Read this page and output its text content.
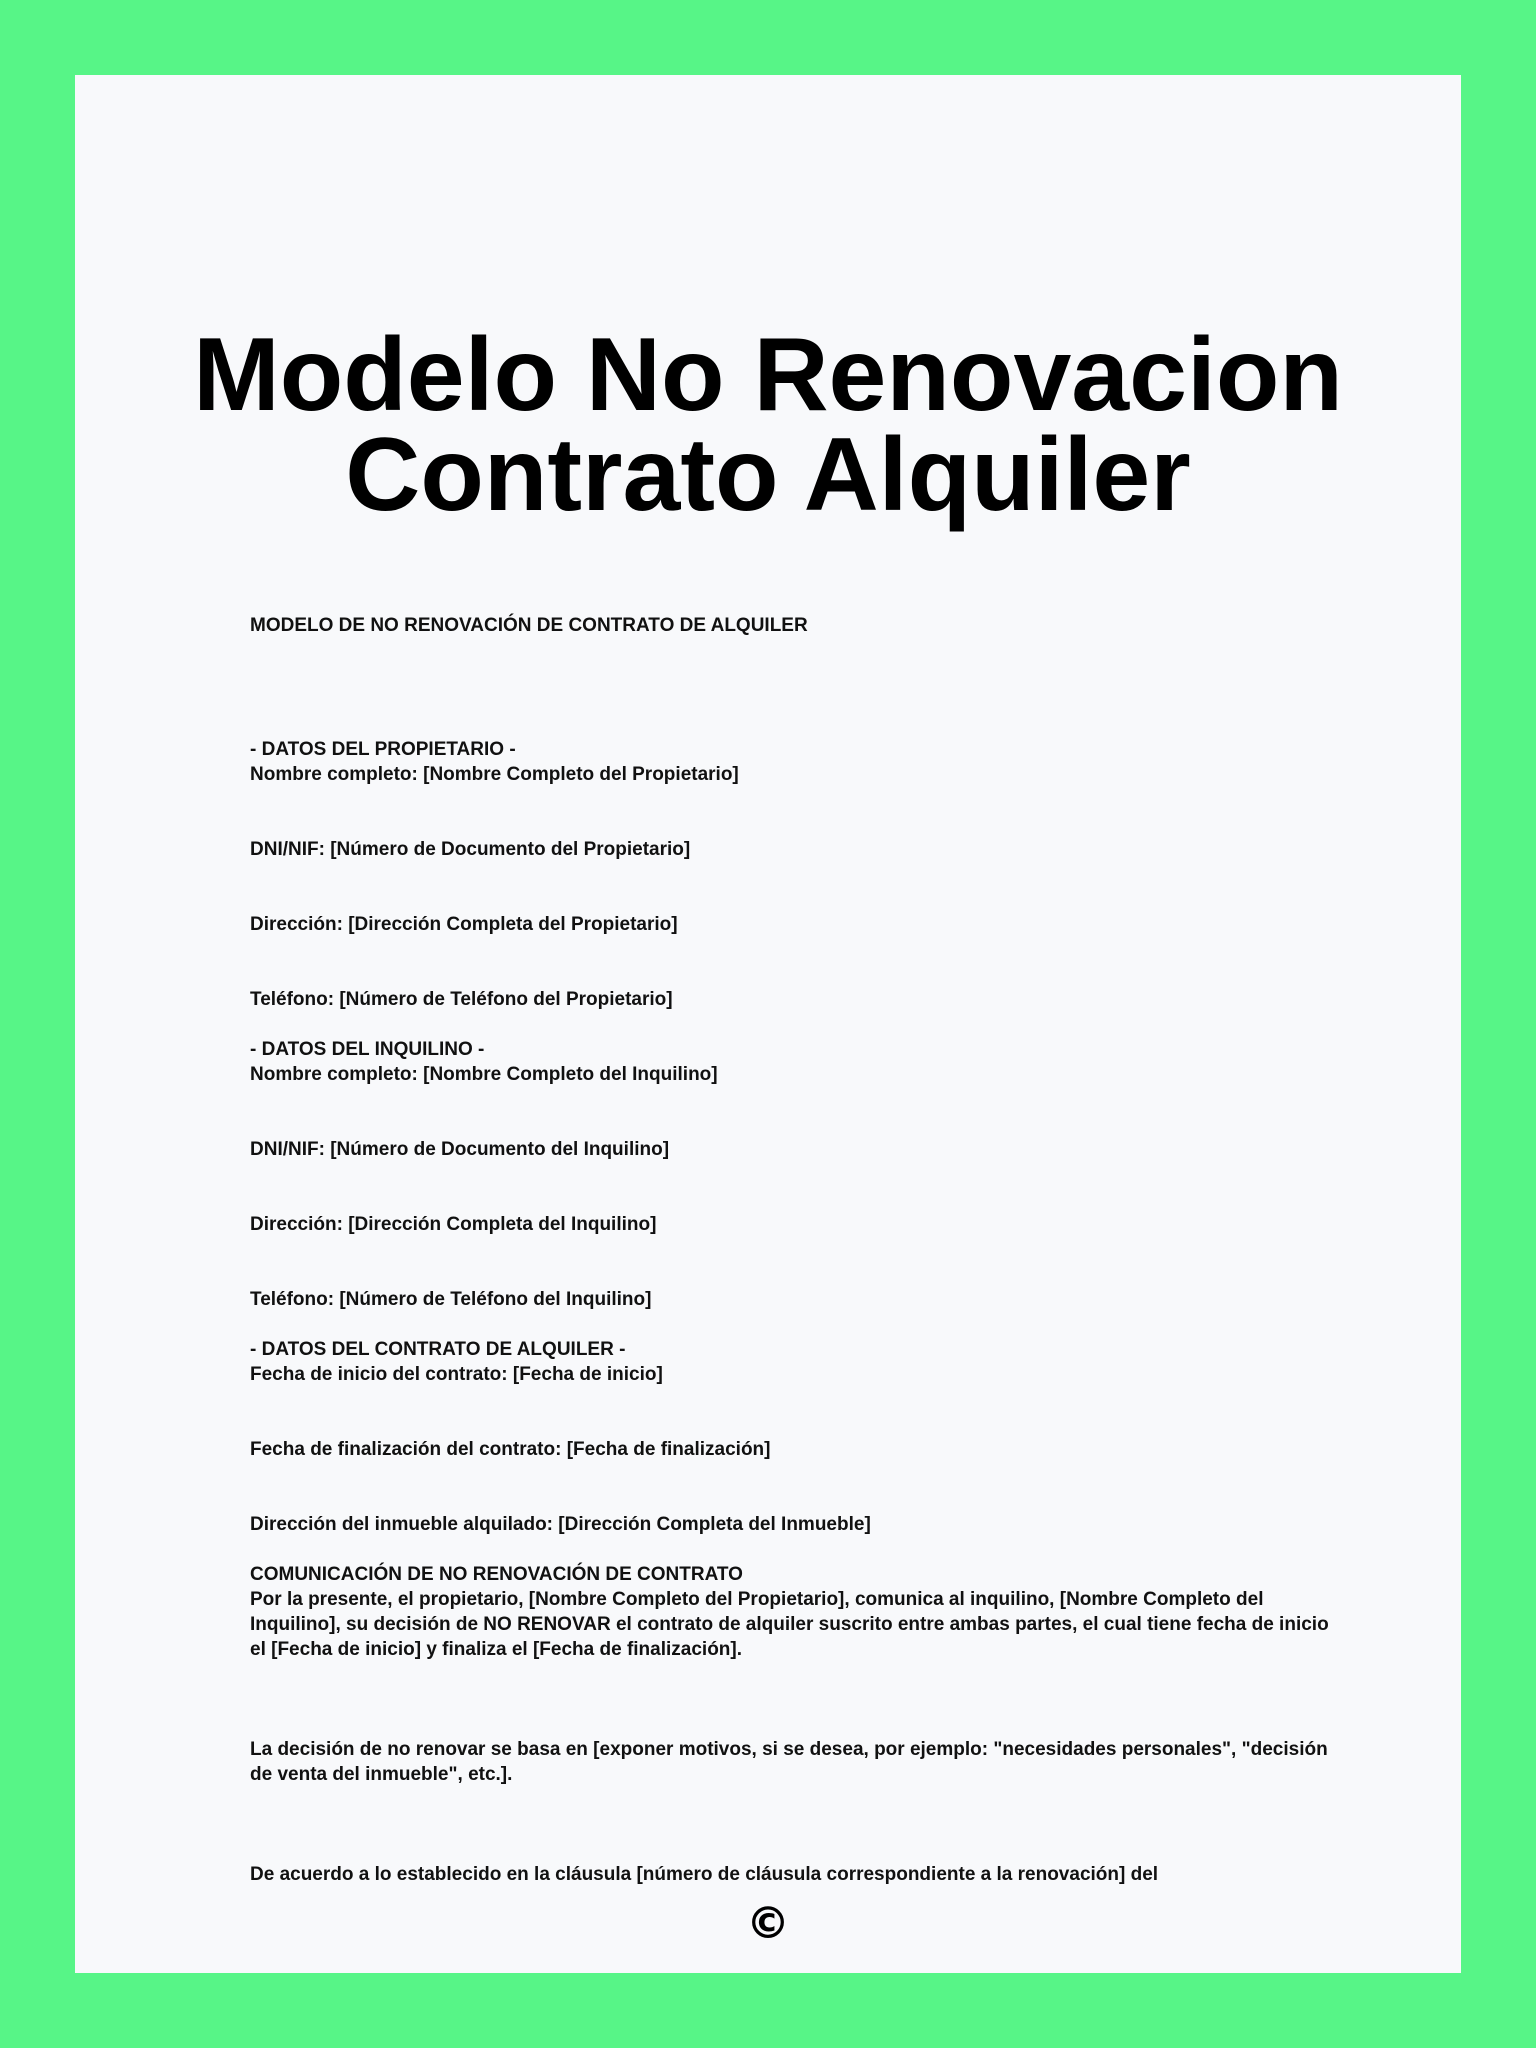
Modelo No Renovacion
Contrato Alquiler

MODELO DE NO RENOVACIÓN DE CONTRATO DE ALQUILER

- DATOS DEL PROPIETARIO -

Nombre completo: [Nombre Completo del Propietario]

DNI/NIF: [Número de Documento del Propietario]

Dirección: [Dirección Completa del Propietario]

Teléfono: [Número de Teléfono del Propietario]

- DATOS DEL INQUILINO -

Nombre completo: [Nombre Completo del Inquilino]

DNI/NIF: [Número de Documento del Inquilino]

Dirección: [Dirección Completa del Inquilino]

Teléfono: [Número de Teléfono del Inquilino]

- DATOS DEL CONTRATO DE ALQUILER -

Fecha de inicio del contrato: [Fecha de inicio]

Fecha de finalización del contrato: [Fecha de finalización]

Dirección del inmueble alquilado: [Dirección Completa del Inmueble]

COMUNICACIÓN DE NO RENOVACIÓN DE CONTRATO

Por la presente, el propietario, [Nombre Completo del Propietario], comunica al inquilino, [Nombre Completo del Inquilino], su decisión de NO RENOVAR el contrato de alquiler suscrito entre ambas partes, el cual tiene fecha de inicio el [Fecha de inicio] y finaliza el [Fecha de finalización].

La decisión de no renovar se basa en [exponer motivos, si se desea, por ejemplo: "necesidades personales", "decisión de venta del inmueble", etc.].

De acuerdo a lo establecido en la cláusula [número de cláusula correspondiente a la renovación] del

©
